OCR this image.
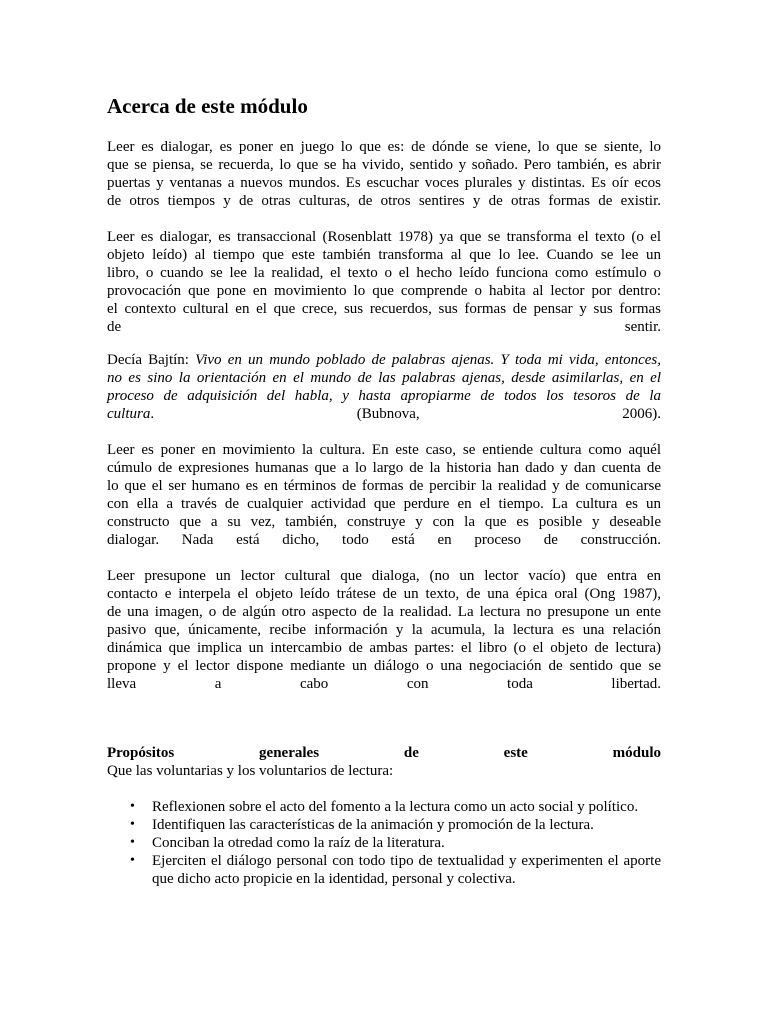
Acerca de este módulo

Leer es dialogar, es poner en juego lo que es: de dónde se viene, lo que se siente, lo
que se piensa, se recuerda, lo que se ha vivido, sentido y soñado. Pero también, es abrir
puertas y ventanas a nuevos mundos. Es escuchar voces plurales y distintas. Es oír ecos
de otros tiempos y de otras culturas, de otros sentires y de otras formas de existir.

Leer es dialogar, es transaccional (Rosenblatt 1978) ya que se transforma el texto (o el
objeto leído) al tiempo que este también transforma al que lo lee. Cuando se lee un
libro, o cuando se lee la realidad, el texto o el hecho leído funciona como estímulo o
provocación que pone en movimiento lo que comprende o habita al lector por dentro:
el contexto cultural en el que crece, sus recuerdos, sus formas de pensar y sus formas
de sentir.

Decía Bajtín: Vivo en un mundo poblado de palabras ajenas. Y toda mi vida, entonces,
no es sino la orientación en el mundo de las palabras ajenas, desde asimilarlas, en el
proceso de adquisición del habla, y hasta apropiarme de todos los tesoros de la
cultura. (Bubnova, 2006).

Leer es poner en movimiento la cultura. En este caso, se entiende cultura como aquél
cúmulo de expresiones humanas que a lo largo de la historia han dado y dan cuenta de
lo que el ser humano es en términos de formas de percibir la realidad y de comunicarse
con ella a través de cualquier actividad que perdure en el tiempo. La cultura es un
constructo que a su vez, también, construye y con la que es posible y deseable
dialogar. Nada está dicho, todo está en proceso de construcción.

Leer presupone un lector cultural que dialoga, (no un lector vacío) que entra en
contacto e interpela el objeto leído trátese de un texto, de una épica oral (Ong 1987),
de una imagen, o de algún otro aspecto de la realidad. La lectura no presupone un ente
pasivo que, únicamente, recibe información y la acumula, la lectura es una relación
dinámica que implica un intercambio de ambas partes: el libro (o el objeto de lectura)
propone y el lector dispone mediante un diálogo o una negociación de sentido que se
lleva a cabo con toda libertad.

Propósitos generales de este módulo

Que las voluntarias y los voluntarios de lectura:

• Reflexionen sobre el acto del fomento a la lectura como un acto social y político.
• Identifiquen las características de la animación y promoción de la lectura.
• Conciban la otredad como la raíz de la literatura.
• Ejerciten el diálogo personal con todo tipo de textualidad y experimenten el aporte que dicho acto propicie en la identidad, personal y colectiva.
